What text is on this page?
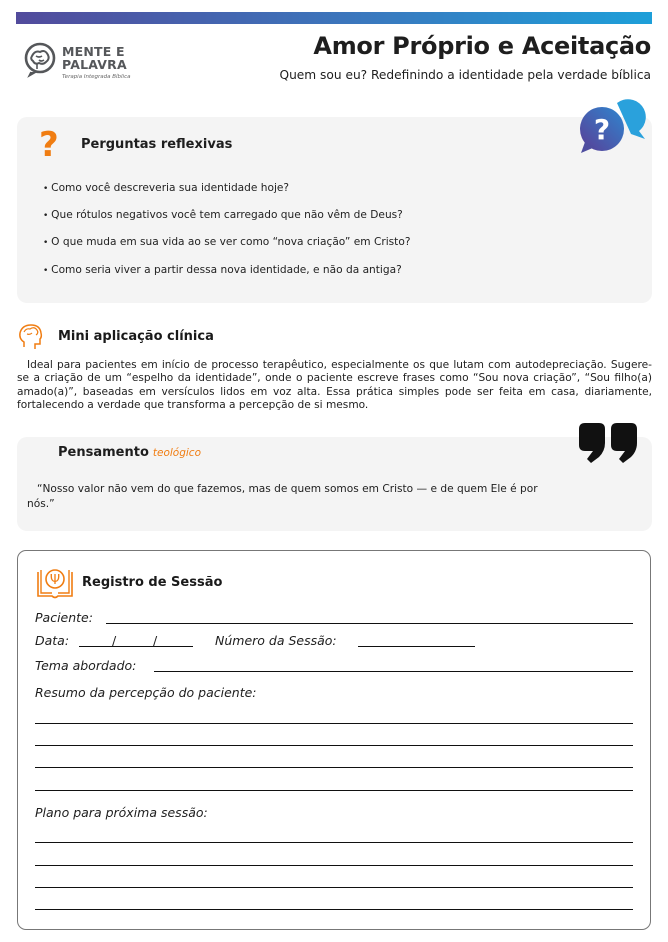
MENTE E
PALAVRA
Terapia Integrada Bíblica
Amor Próprio e Aceitação
Quem sou eu? Redefinindo a identidade pela verdade bíblica
? Perguntas reflexivas
• Como você descreveria sua identidade hoje?
• Que rótulos negativos você tem carregado que não vêm de Deus?
• O que muda em sua vida ao se ver como “nova criação” em Cristo?
• Como seria viver a partir dessa nova identidade, e não da antiga?
?
Mini aplicação clínica
Ideal para pacientes em início de processo terapêutico, especialmente os que lutam com autodepreciação. Sugere-se a criação de um “espelho da identidade”, onde o paciente escreve frases como “Sou nova criação”, “Sou filho(a) amado(a)”, baseadas em versículos lidos em voz alta. Essa prática simples pode ser feita em casa, diariamente, fortalecendo a verdade que transforma a percepção de si mesmo.
Pensamento teológico
“Nosso valor não vem do que fazemos, mas de quem somos em Cristo — e de quem Ele é por nós.”
Ψ Registro de Sessão
Paciente:
Data:	/	/	Número da Sessão:
Tema abordado:
Resumo da percepção do paciente:
Plano para próxima sessão:
